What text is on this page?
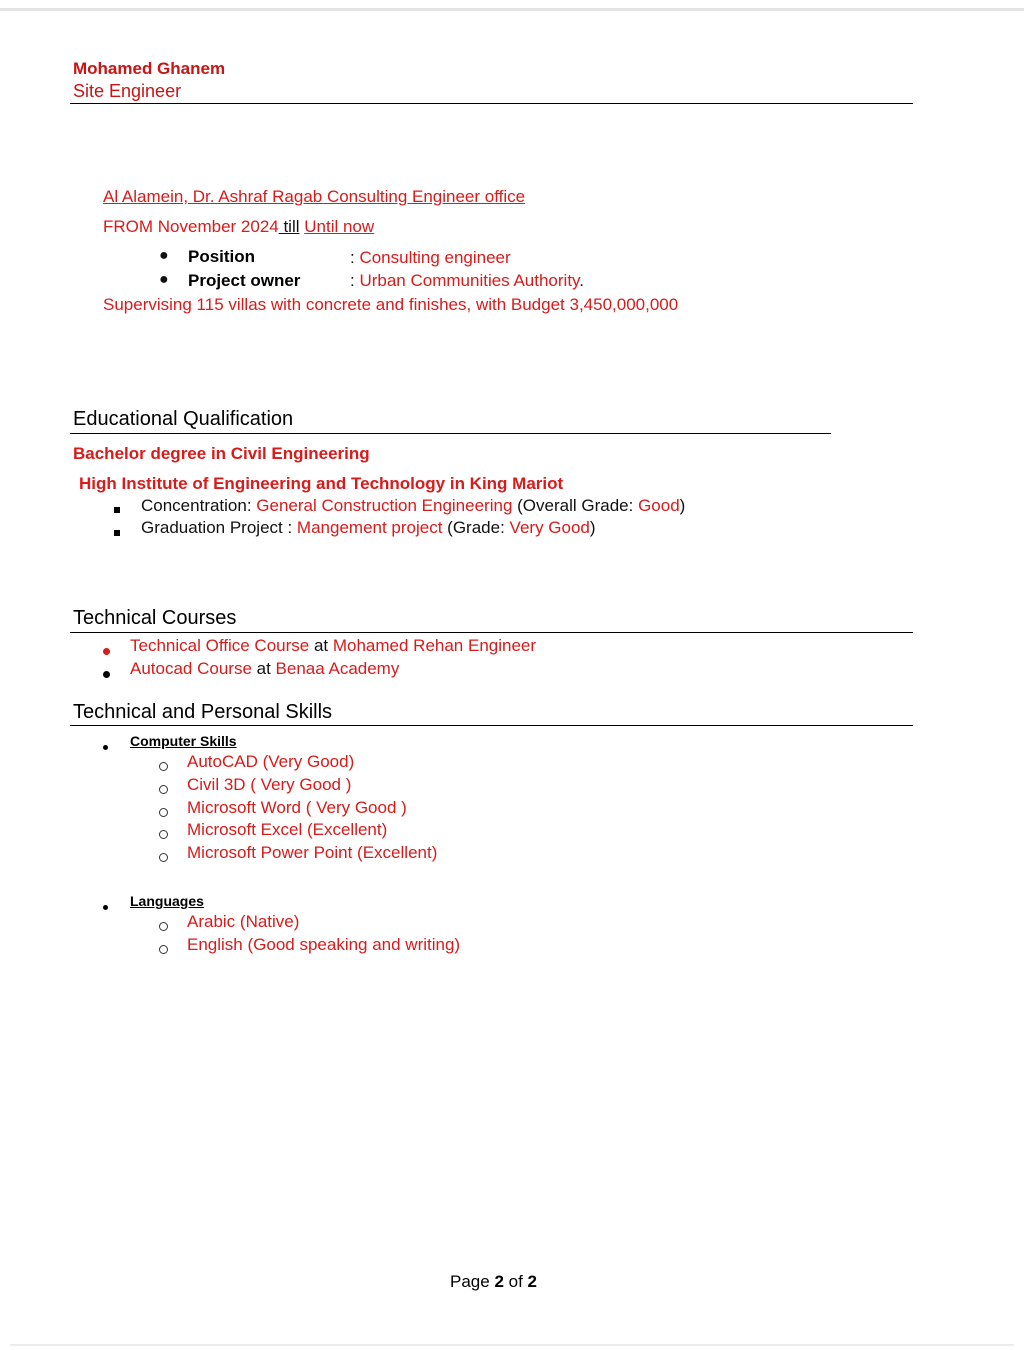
Mohamed Ghanem
Site Engineer
Al Alamein, Dr. Ashraf Ragab Consulting Engineer office
FROM November 2024 till Until now
● Position	: Consulting engineer
● Project owner	: Urban Communities Authority.
Supervising 115 villas with concrete and finishes, with Budget 3,450,000,000
Educational Qualification
Bachelor degree in Civil Engineering
High Institute of Engineering and Technology in King Mariot
Concentration: General Construction Engineering (Overall Grade: Good)
Graduation Project : Mangement project (Grade: Very Good)
Technical Courses
Technical Office Course at Mohamed Rehan Engineer
Autocad Course at Benaa Academy
Technical and Personal Skills
Computer Skills
AutoCAD (Very Good)
Civil 3D ( Very Good )
Microsoft Word ( Very Good )
Microsoft Excel (Excellent)
Microsoft Power Point (Excellent)
Languages
Arabic (Native)
English (Good speaking and writing)
Page 2 of 2
